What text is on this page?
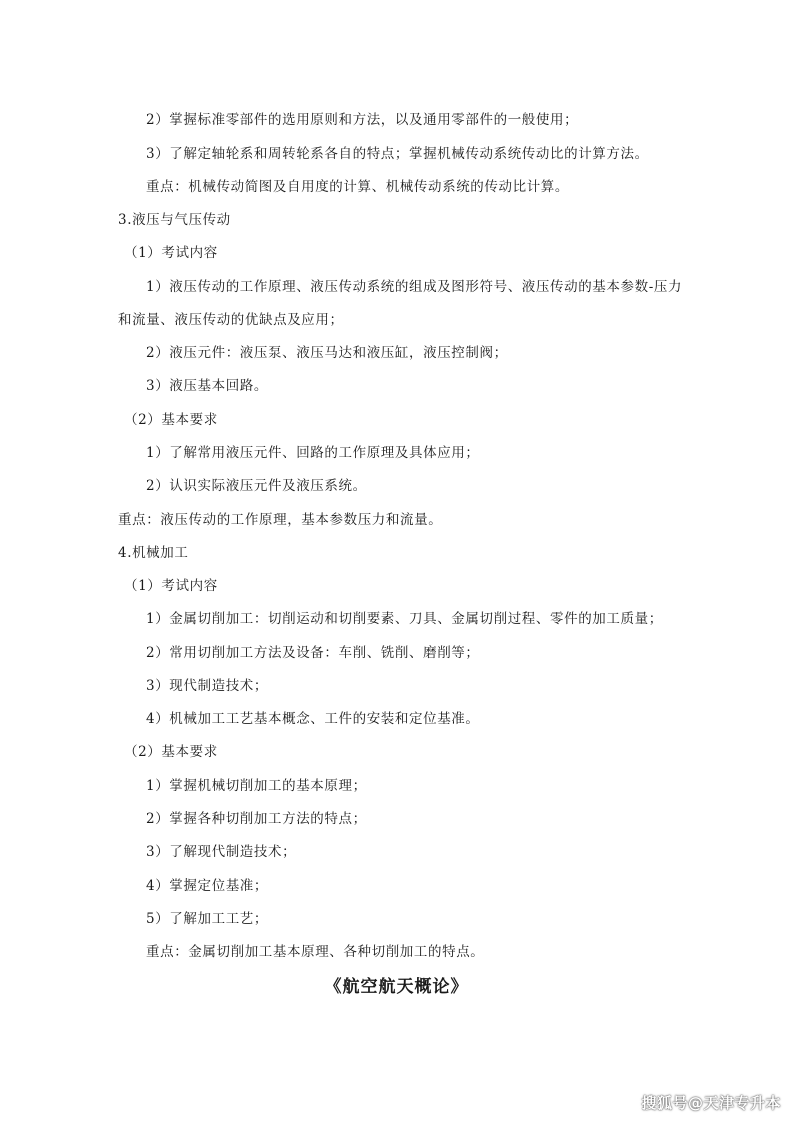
2）掌握标准零部件的选用原则和方法，以及通用零部件的一般使用；
3）了解定轴轮系和周转轮系各自的特点；掌握机械传动系统传动比的计算方法。
重点：机械传动简图及自用度的计算、机械传动系统的传动比计算。
3.液压与气压传动
（1）考试内容
1）液压传动的工作原理、液压传动系统的组成及图形符号、液压传动的基本参数-压力
和流量、液压传动的优缺点及应用；
2）液压元件：液压泵、液压马达和液压缸，液压控制阀；
3）液压基本回路。
（2）基本要求
1）了解常用液压元件、回路的工作原理及具体应用；
2）认识实际液压元件及液压系统。
重点：液压传动的工作原理，基本参数压力和流量。
4.机械加工
（1）考试内容
1）金属切削加工：切削运动和切削要素、刀具、金属切削过程、零件的加工质量；
2）常用切削加工方法及设备：车削、铣削、磨削等；
3）现代制造技术；
4）机械加工工艺基本概念、工件的安装和定位基准。
（2）基本要求
1）掌握机械切削加工的基本原理；
2）掌握各种切削加工方法的特点；
3）了解现代制造技术；
4）掌握定位基准；
5）了解加工工艺；
重点：金属切削加工基本原理、各种切削加工的特点。
《航空航天概论》
搜狐号@天津专升本
